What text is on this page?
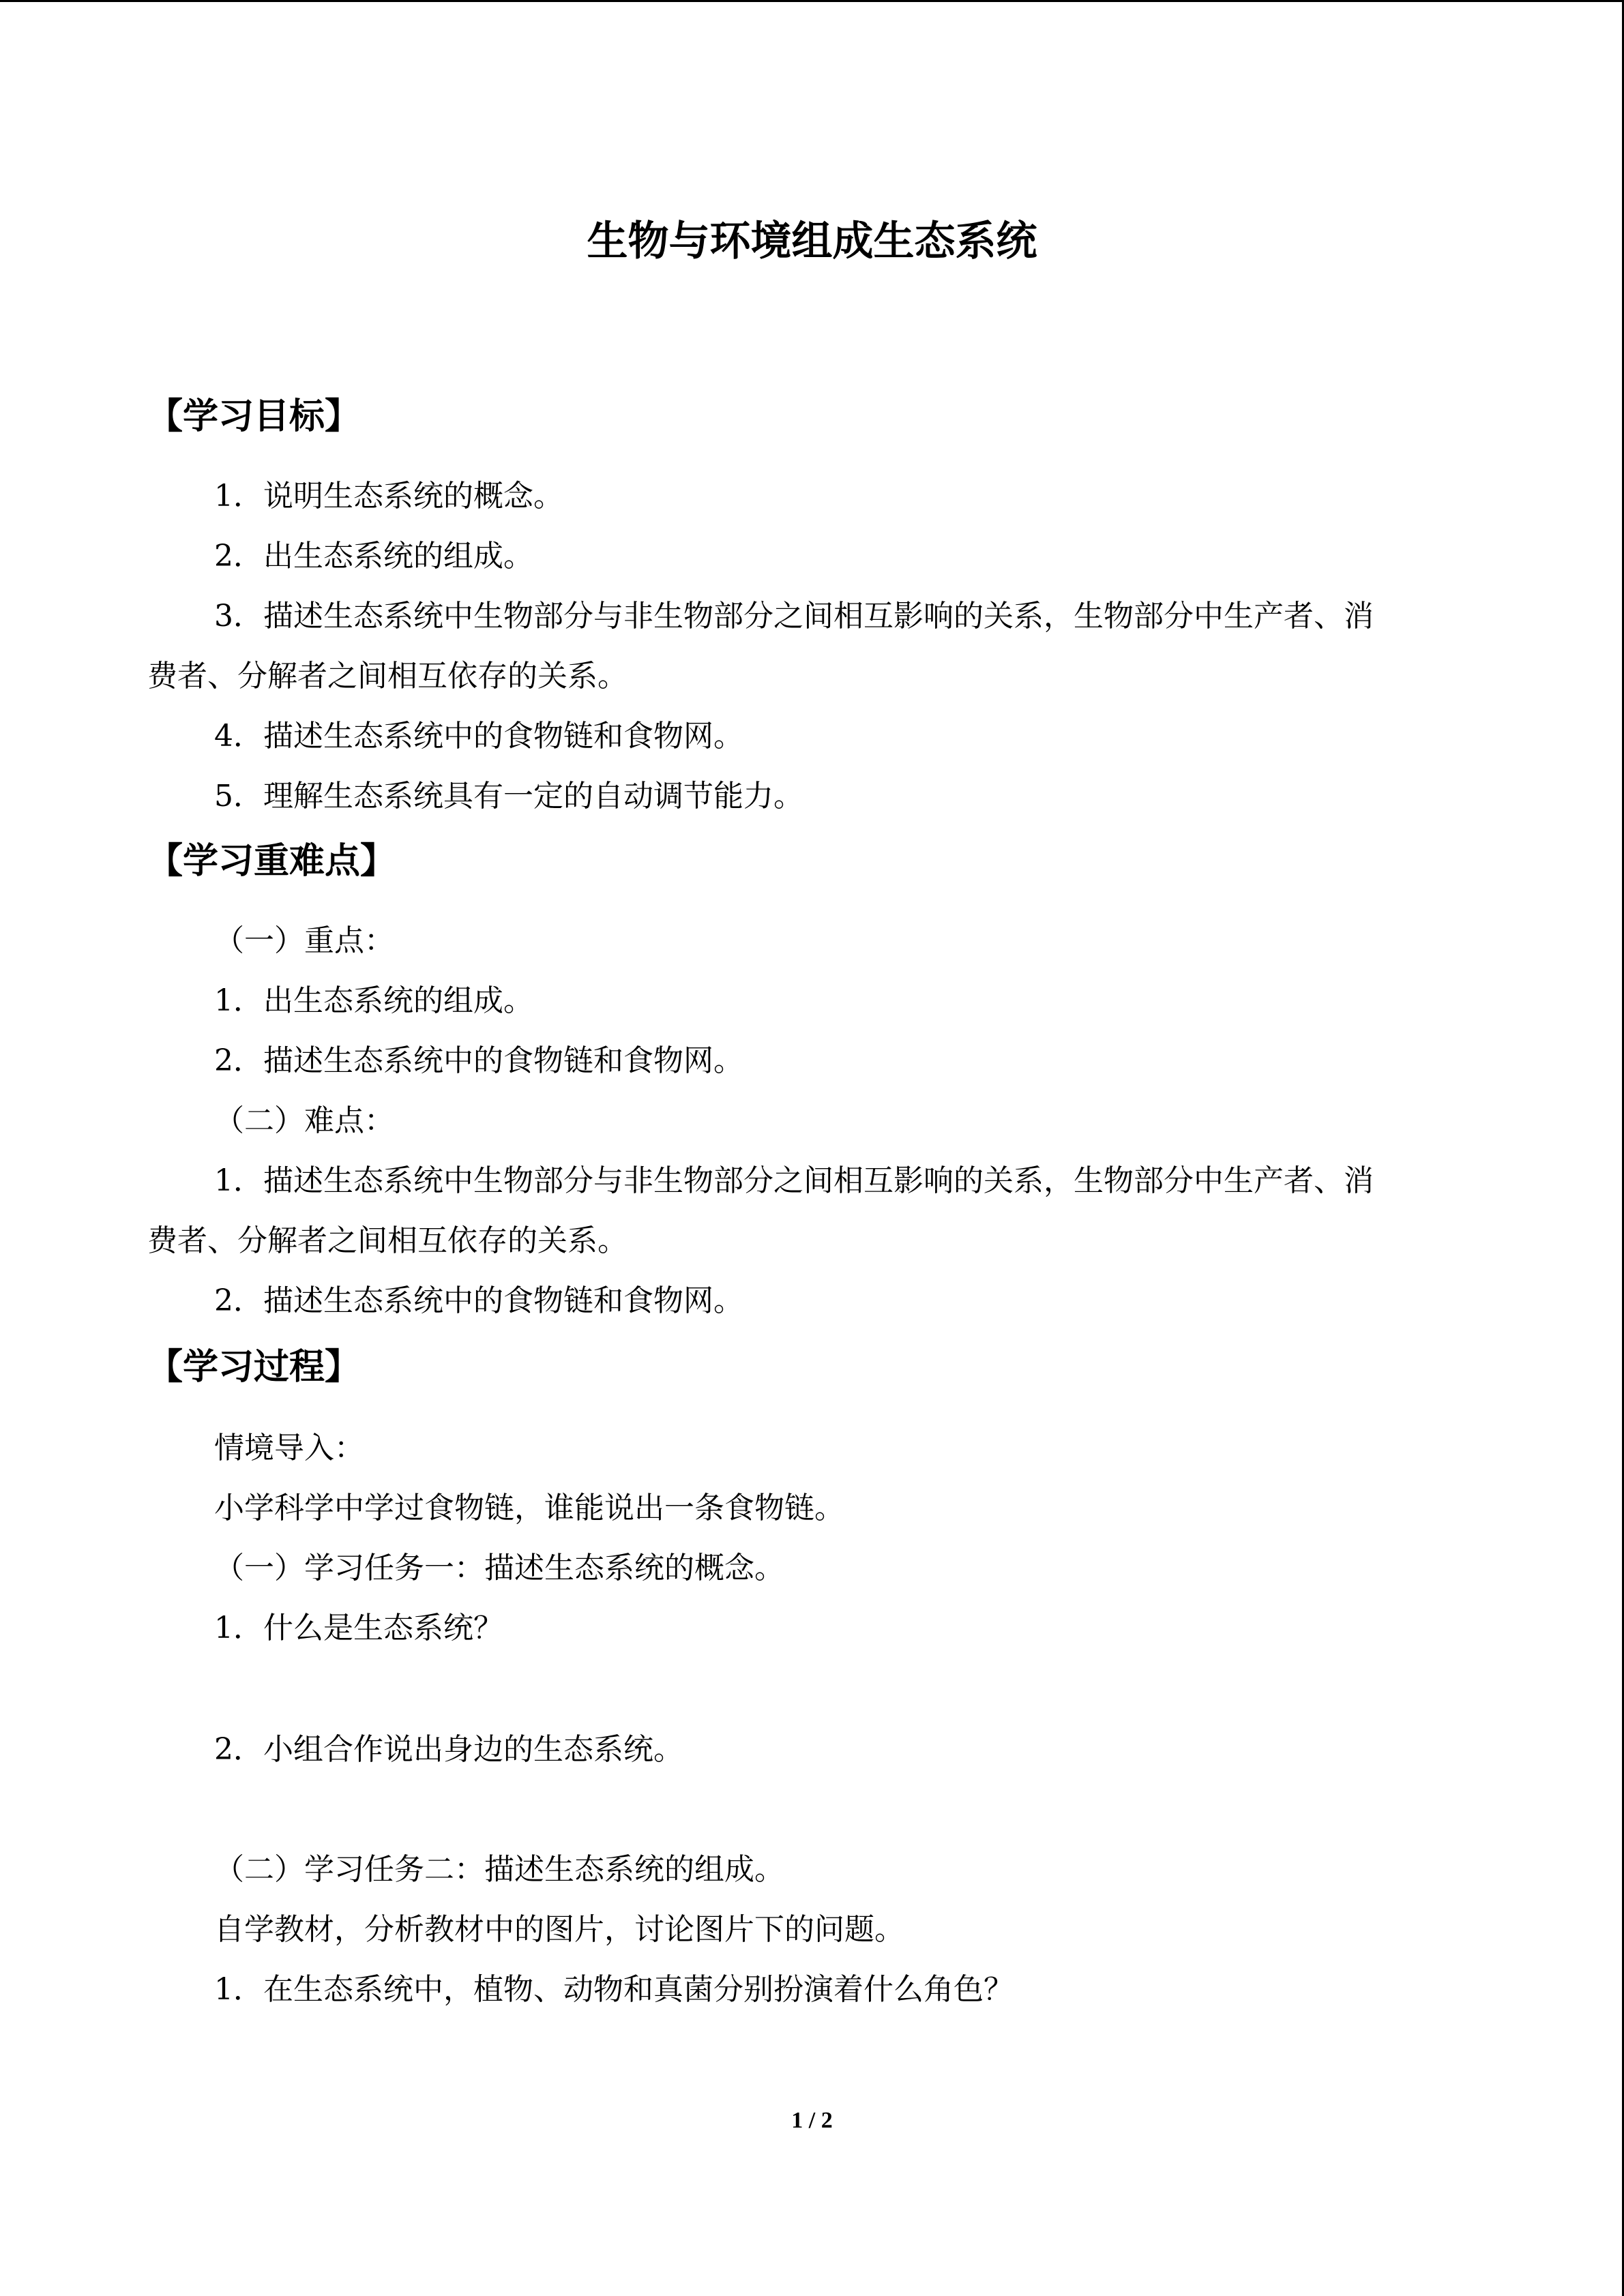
生物与环境组成生态系统
【学习目标】
1．说明生态系统的概念。
2．出生态系统的组成。
3．描述生态系统中生物部分与非生物部分之间相互影响的关系，生物部分中生产者、消
费者、分解者之间相互依存的关系。
4．描述生态系统中的食物链和食物网。
5．理解生态系统具有一定的自动调节能力。
【学习重难点】
（一）重点：
1．出生态系统的组成。
2．描述生态系统中的食物链和食物网。
（二）难点：
1．描述生态系统中生物部分与非生物部分之间相互影响的关系，生物部分中生产者、消
费者、分解者之间相互依存的关系。
2．描述生态系统中的食物链和食物网。
【学习过程】
情境导入：
小学科学中学过食物链，谁能说出一条食物链。
（一）学习任务一：描述生态系统的概念。
1．什么是生态系统？
2．小组合作说出身边的生态系统。
（二）学习任务二：描述生态系统的组成。
自学教材，分析教材中的图片，讨论图片下的问题。
1．在生态系统中，植物、动物和真菌分别扮演着什么角色？
1 / 2
